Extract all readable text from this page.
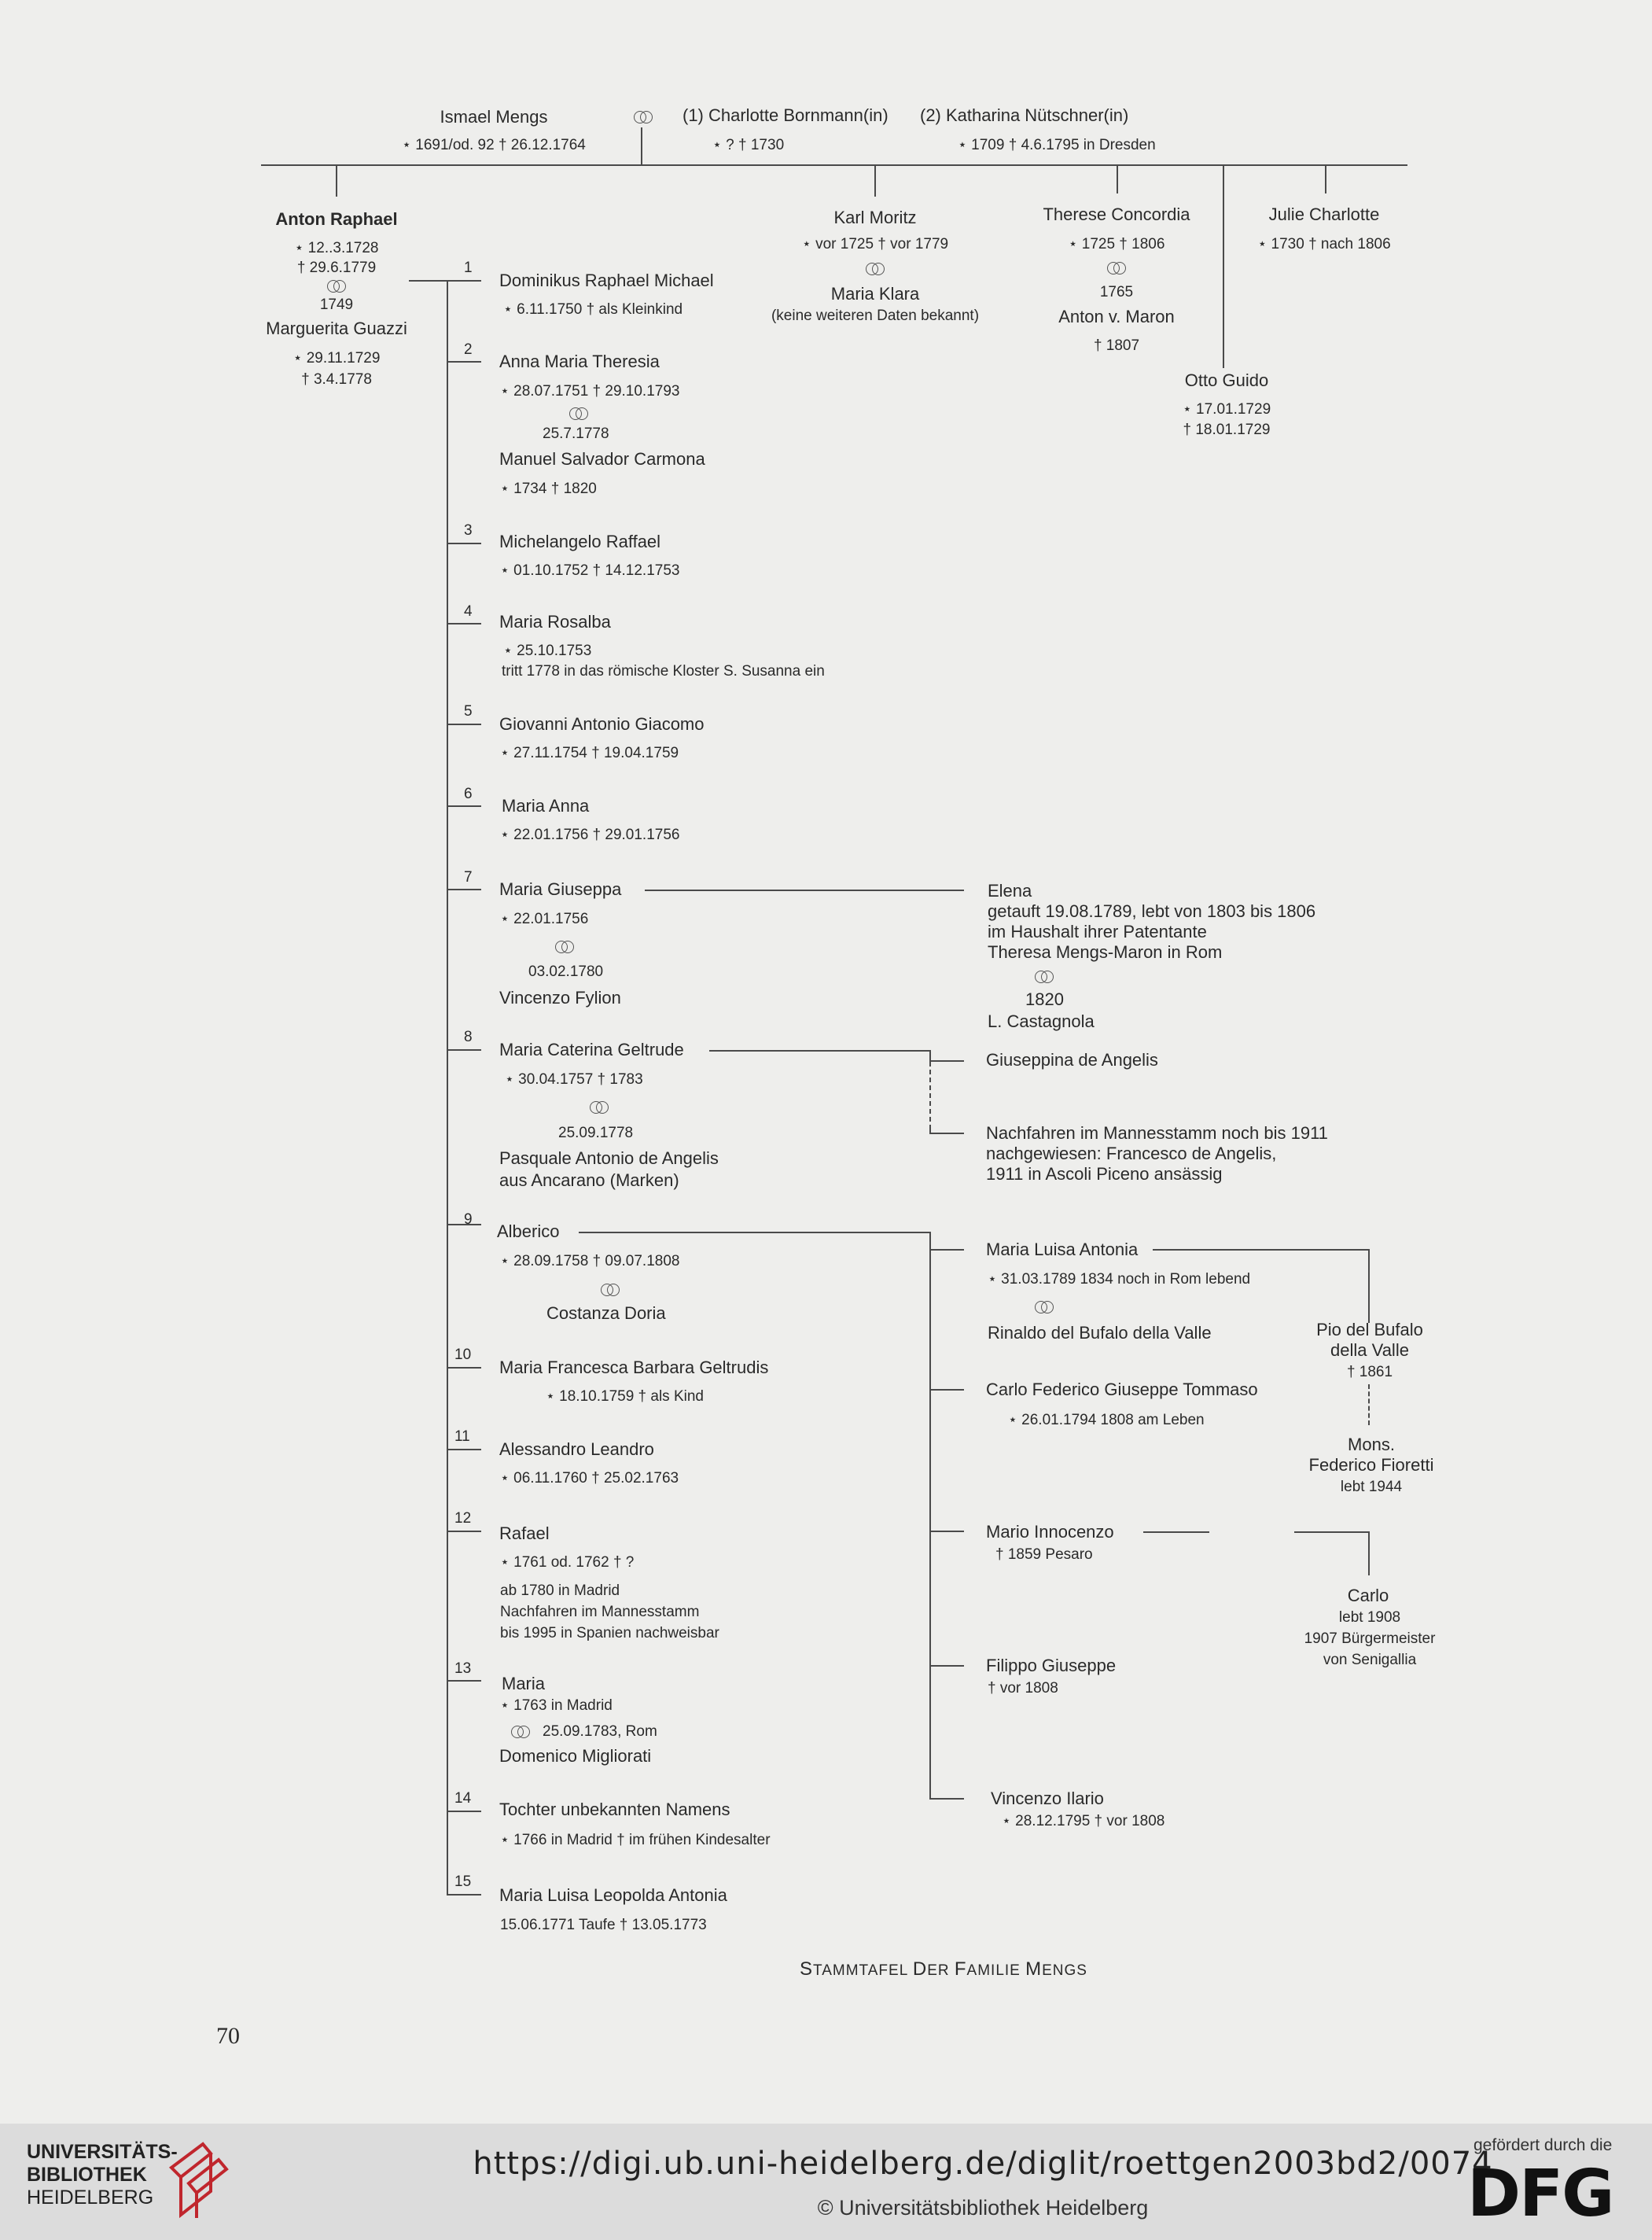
Ismael Mengs
⋆ 1691/od. 92 † 26.12.1764
(1) Charlotte Bornmann(in)
⋆ ? † 1730
(2) Katharina Nütschner(in)
⋆ 1709 † 4.6.1795 in Dresden
Anton Raphael
⋆ 12..3.1728
† 29.6.1779
1749
Marguerita Guazzi
⋆ 29.11.1729
† 3.4.1778
Karl Moritz
⋆ vor 1725 † vor 1779
Maria Klara
(keine weiteren Daten bekannt)
Therese Concordia
⋆ 1725 † 1806
1765
Anton v. Maron
† 1807
Julie Charlotte
⋆ 1730 † nach 1806
Otto Guido
⋆ 17.01.1729
† 18.01.1729
1
Dominikus Raphael Michael
⋆ 6.11.1750 † als Kleinkind
2
Anna Maria Theresia
⋆ 28.07.1751 † 29.10.1793
25.7.1778
Manuel Salvador Carmona
⋆ 1734 † 1820
3
Michelangelo Raffael
⋆ 01.10.1752 † 14.12.1753
4
Maria Rosalba
⋆ 25.10.1753
tritt 1778 in das römische Kloster S. Susanna ein
5
Giovanni Antonio Giacomo
⋆ 27.11.1754 † 19.04.1759
6
Maria Anna
⋆ 22.01.1756 † 29.01.1756
7
Maria Giuseppa
⋆ 22.01.1756
03.02.1780
Vincenzo Fylion
8
Maria Caterina Geltrude
⋆ 30.04.1757 † 1783
25.09.1778
Pasquale Antonio de Angelis
aus Ancarano (Marken)
9
Alberico
⋆ 28.09.1758 † 09.07.1808
Costanza Doria
10
Maria Francesca Barbara Geltrudis
⋆ 18.10.1759 † als Kind
11
Alessandro Leandro
⋆ 06.11.1760 † 25.02.1763
12
Rafael
⋆ 1761 od. 1762 † ?
ab 1780 in Madrid
Nachfahren im Mannesstamm
bis 1995 in Spanien nachweisbar
13
Maria
⋆ 1763 in Madrid
25.09.1783, Rom
Domenico Migliorati
14
Tochter unbekannten Namens
⋆ 1766 in Madrid † im frühen Kindesalter
15
Maria Luisa Leopolda Antonia
15.06.1771 Taufe † 13.05.1773
Elena
getauft 19.08.1789, lebt von 1803 bis 1806
im Haushalt ihrer Patentante
Theresa Mengs-Maron in Rom
1820
L. Castagnola
Giuseppina de Angelis
Nachfahren im Mannesstamm noch bis 1911
nachgewiesen: Francesco de Angelis,
1911 in Ascoli Piceno ansässig
Maria Luisa Antonia
⋆ 31.03.1789 1834 noch in Rom lebend
Rinaldo del Bufalo della Valle
Carlo Federico Giuseppe Tommaso
⋆ 26.01.1794 1808 am Leben
Mario Innocenzo
† 1859 Pesaro
Filippo Giuseppe
† vor 1808
Vincenzo Ilario
⋆ 28.12.1795 † vor 1808
Pio del Bufalo
della Valle
† 1861
Mons.
Federico Fioretti
lebt 1944
Carlo
lebt 1908
1907 Bürgermeister
von Senigallia
STAMMTAFEL DER FAMILIE MENGS
70
UNIVERSITÄTS-
BIBLIOTHEK
HEIDELBERG
https://digi.ub.uni-heidelberg.de/diglit/roettgen2003bd2/0074
© Universitätsbibliothek Heidelberg
gefördert durch die
DFG
